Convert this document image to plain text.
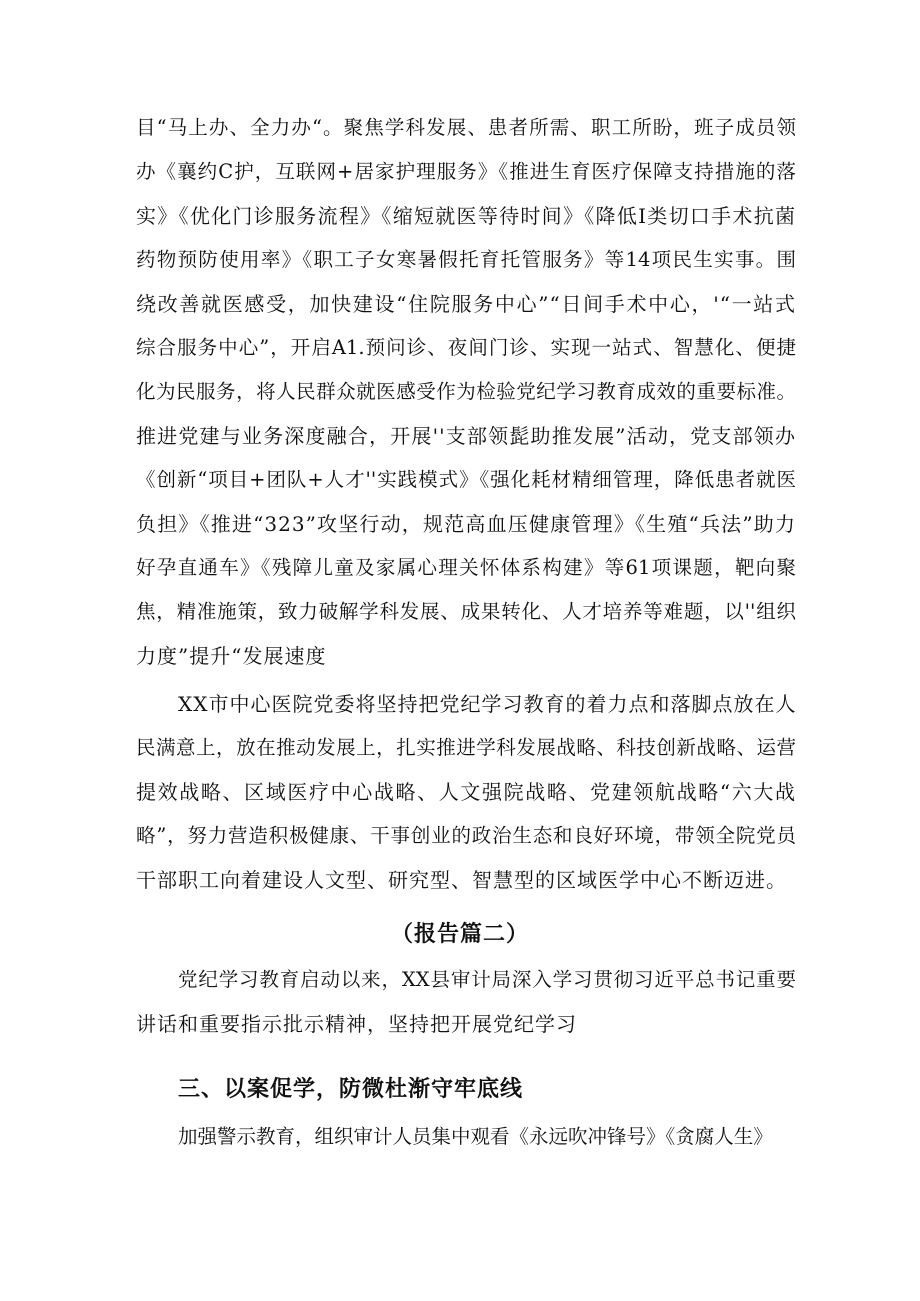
目“马上办、全力办“。聚焦学科发展、患者所需、职工所盼，班子成员领
办《襄约C护，互联网+居家护理服务》《推进生育医疗保障支持措施的落
实》《优化门诊服务流程》《缩短就医等待时间》《降低I类切口手术抗菌
药物预防使用率》《职工子女寒暑假托育托管服务》等14项民生实事。围
绕改善就医感受，加快建设“住院服务中心”“日间手术中心，'“一站式
综合服务中心”，开启A1.预问诊、夜间门诊、实现一站式、智慧化、便捷
化为民服务，将人民群众就医感受作为检验党纪学习教育成效的重要标准。
推进党建与业务深度融合，开展''支部领髭助推发展”活动，党支部领办
《创新“项目+团队+人才''实践模式》《强化耗材精细管理，降低患者就医
负担》《推进“323”攻坚行动，规范高血压健康管理》《生殖“兵法”助力
好孕直通车》《残障儿童及家属心理关怀体系构建》等61项课题，靶向聚
焦，精准施策，致力破解学科发展、成果转化、人才培养等难题，以''组织
力度”提升“发展速度
XX市中心医院党委将坚持把党纪学习教育的着力点和落脚点放在人
民满意上，放在推动发展上，扎实推进学科发展战略、科技创新战略、运营
提效战略、区域医疗中心战略、人文强院战略、党建领航战略“六大战
略”，努力营造积极健康、干事创业的政治生态和良好环境，带领全院党员
干部职工向着建设人文型、研究型、智慧型的区域医学中心不断迈进。
（报告篇二）
党纪学习教育启动以来，XX县审计局深入学习贯彻习近平总书记重要
讲话和重要指示批示精神，坚持把开展党纪学习
三、以案促学，防微杜渐守牢底线
加强警示教育，组织审计人员集中观看《永远吹冲锋号》《贪腐人生》
